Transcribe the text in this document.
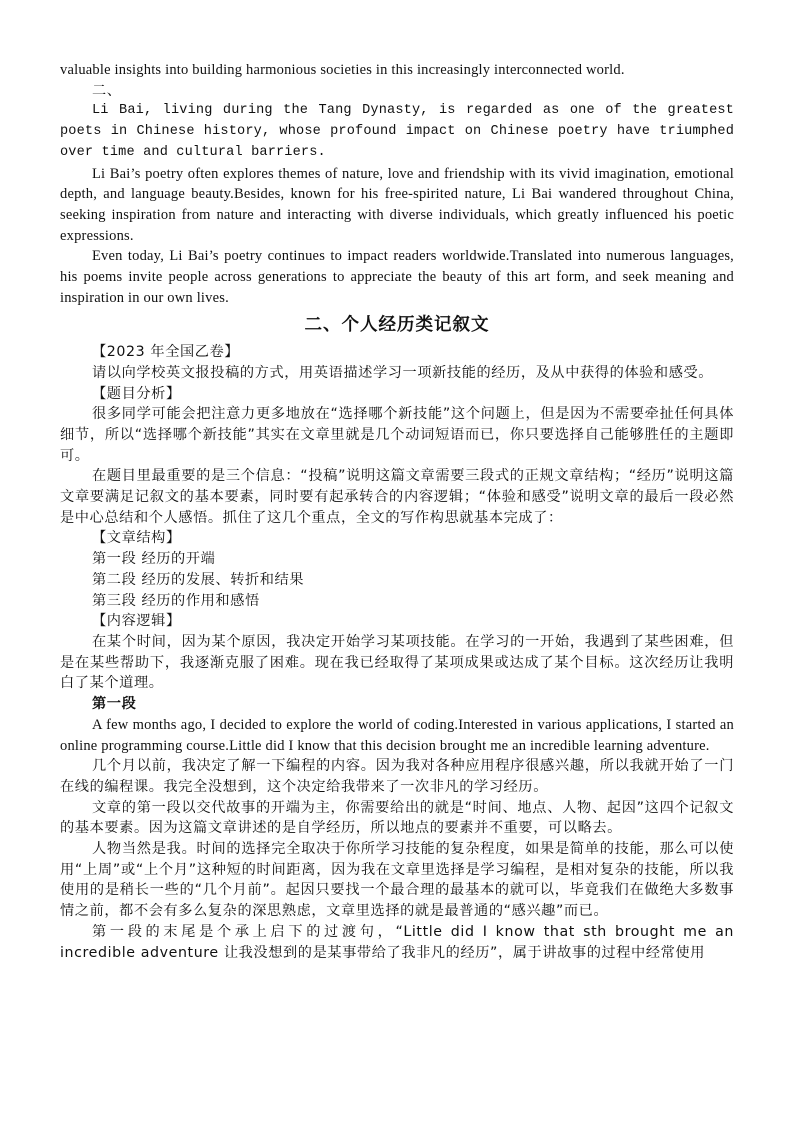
valuable insights into building harmonious societies in this increasingly interconnected world.

二、

Li Bai, living during the Tang Dynasty, is regarded as one of the greatest poets in Chinese history, whose profound impact on Chinese poetry have triumphed over time and cultural barriers.

Li Bai’s poetry often explores themes of nature, love and friendship with its vivid imagination, emotional depth, and language beauty.Besides, known for his free-spirited nature, Li Bai wandered throughout China, seeking inspiration from nature and interacting with diverse individuals, which greatly influenced his poetic expressions.

Even today, Li Bai’s poetry continues to impact readers worldwide.Translated into numerous languages, his poems invite people across generations to appreciate the beauty of this art form, and seek meaning and inspiration in our own lives.

二、个人经历类记叙文

【2023 年全国乙卷】

请以向学校英文报投稿的方式，用英语描述学习一项新技能的经历，及从中获得的体验和感受。

【题目分析】

很多同学可能会把注意力更多地放在“选择哪个新技能”这个问题上，但是因为不需要牵扯任何具体细节，所以“选择哪个新技能”其实在文章里就是几个动词短语而已，你只要选择自己能够胜任的主题即可。

在题目里最重要的是三个信息：“投稿”说明这篇文章需要三段式的正规文章结构；“经历”说明这篇文章要满足记叙文的基本要素，同时要有起承转合的内容逻辑；“体验和感受”说明文章的最后一段必然是中心总结和个人感悟。抓住了这几个重点，全文的写作构思就基本完成了：

【文章结构】

第一段 经历的开端

第二段 经历的发展、转折和结果

第三段 经历的作用和感悟

【内容逻辑】

在某个时间，因为某个原因，我决定开始学习某项技能。在学习的一开始，我遇到了某些困难，但是在某些帮助下，我逐渐克服了困难。现在我已经取得了某项成果或达成了某个目标。这次经历让我明白了某个道理。

第一段

A few months ago, I decided to explore the world of coding.Interested in various applications, I started an online programming course.Little did I know that this decision brought me an incredible learning adventure.

几个月以前，我决定了解一下编程的内容。因为我对各种应用程序很感兴趣，所以我就开始了一门在线的编程课。我完全没想到，这个决定给我带来了一次非凡的学习经历。

文章的第一段以交代故事的开端为主，你需要给出的就是“时间、地点、人物、起因”这四个记叙文的基本要素。因为这篇文章讲述的是自学经历，所以地点的要素并不重要，可以略去。

人物当然是我。时间的选择完全取决于你所学习技能的复杂程度，如果是简单的技能，那么可以使用“上周”或“上个月”这种短的时间距离，因为我在文章里选择是学习编程，是相对复杂的技能，所以我使用的是稍长一些的“几个月前”。起因只要找一个最合理的最基本的就可以，毕竟我们在做绝大多数事情之前，都不会有多么复杂的深思熟虑，文章里选择的就是最普通的“感兴趣”而已。

第一段的末尾是个承上启下的过渡句，“Little did I know that sth brought me an incredible adventure 让我没想到的是某事带给了我非凡的经历”，属于讲故事的过程中经常使用
